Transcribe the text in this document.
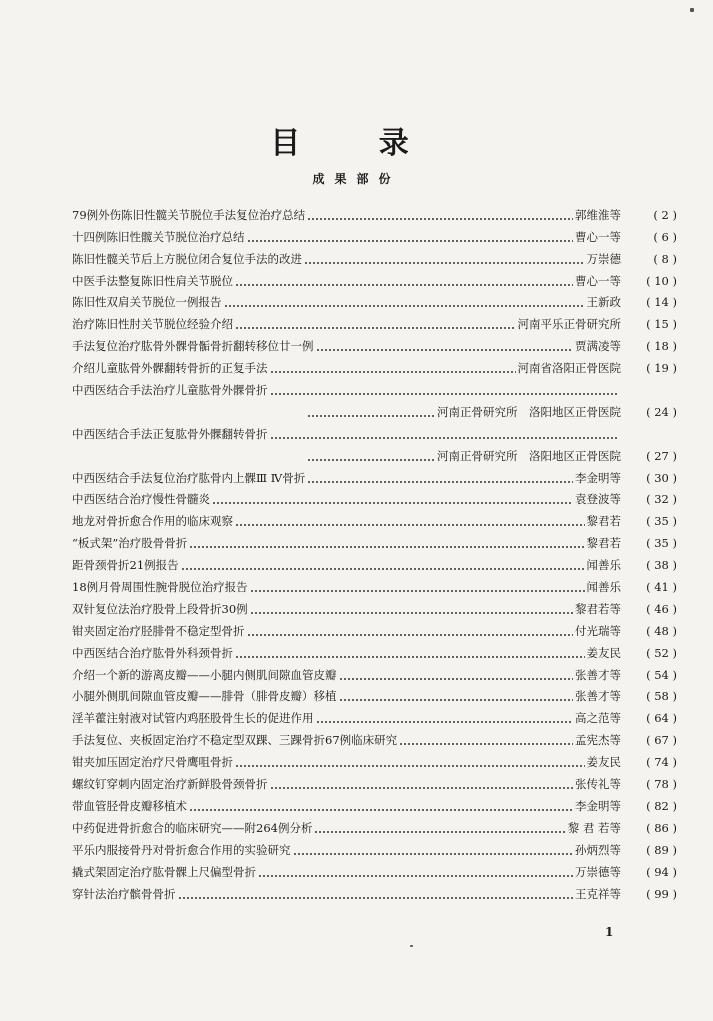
目 录
成果部份
79例外伤陈旧性髋关节脱位手法复位治疗总结	郭维淮等	( 2 )
十四例陈旧性髋关节脱位治疗总结	曹心一等	( 6 )
陈旧性髋关节后上方脱位闭合复位手法的改进	万崇德	( 8 )
中医手法整复陈旧性肩关节脱位	曹心一等	( 10 )
陈旧性双肩关节脱位一例报告	王新政	( 14 )
治疗陈旧性肘关节脱位经验介绍	河南平乐正骨研究所	( 15 )
手法复位治疗肱骨外髁骨骺骨折翻转移位廿一例	贾满凌等	( 18 )
介绍儿童肱骨外髁翻转骨折的正复手法	河南省洛阳正骨医院	( 19 )
中西医结合手法治疗儿童肱骨外髁骨折
河南正骨研究所　洛阳地区正骨医院	( 24 )
中西医结合手法正复肱骨外髁翻转骨折
河南正骨研究所　洛阳地区正骨医院	( 27 )
中西医结合手法复位治疗肱骨内上髁Ⅲ Ⅳ骨折	李金明等	( 30 )
中西医结合治疗慢性骨髓炎	袁登波等	( 32 )
地龙对骨折愈合作用的临床观察	黎君若	( 35 )
“板式架”治疗股骨骨折	黎君若	( 35 )
距骨颈骨折21例报告	闻善乐	( 38 )
18例月骨周围性腕骨脱位治疗报告	闻善乐	( 41 )
双针复位法治疗股骨上段骨折30例	黎君若等	( 46 )
钳夹固定治疗胫腓骨不稳定型骨折	付光瑞等	( 48 )
中西医结合治疗肱骨外科颈骨折	姜友民	( 52 )
介绍一个新的游离皮瓣——小腿内侧肌间隙血管皮瓣	张善才等	( 54 )
小腿外侧肌间隙血管皮瓣——腓骨（腓骨皮瓣）移植	张善才等	( 58 )
淫羊藿注射液对试管内鸡胚股骨生长的促进作用	高之范等	( 64 )
手法复位、夹板固定治疗不稳定型双踝、三踝骨折67例临床研究	孟宪杰等	( 67 )
钳夹加压固定治疗尺骨鹰咀骨折	姜友民	( 74 )
螺纹钉穿刺内固定治疗新鲜股骨颈骨折	张传礼等	( 78 )
带血管胫骨皮瓣移植术	李金明等	( 82 )
中药促进骨折愈合的临床研究——附264例分析	黎 君 若等	( 86 )
平乐内服接骨丹对骨折愈合作用的实验研究	孙炳烈等	( 89 )
撬式架固定治疗肱骨髁上尺偏型骨折	万崇德等	( 94 )
穿针法治疗髌骨骨折	王克祥等	( 99 )
1
